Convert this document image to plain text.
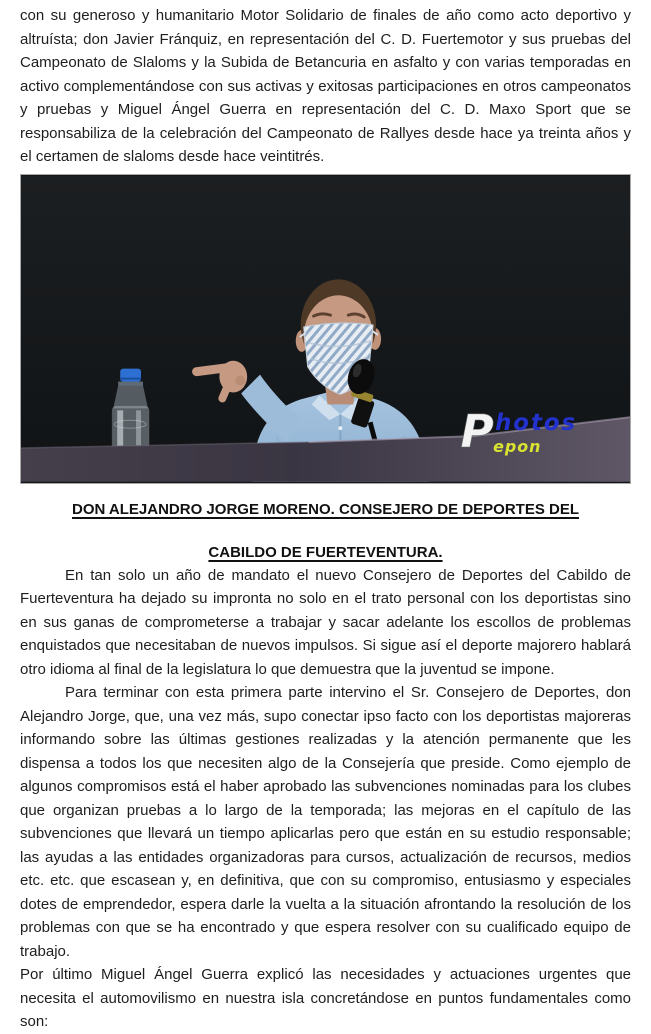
con su generoso y humanitario Motor Solidario de finales de año como acto deportivo y altruísta; don Javier Fránquiz, en representación del C. D. Fuertemotor y sus pruebas del Campeonato de Slaloms y la Subida de Betancuria en asfalto y con varias temporadas en activo complementándose con sus activas y exitosas participaciones en otros campeonatos y pruebas y Miguel Ángel Guerra en representación del C. D. Maxo Sport que se responsabiliza de la celebración del Campeonato de Rallyes desde hace ya treinta años y el certamen de slaloms desde hace veintitrés.

P hotos
epon

DON ALEJANDRO JORGE MORENO. CONSEJERO DE DEPORTES DEL

CABILDO DE FUERTEVENTURA.

En tan solo un año de mandato el nuevo Consejero de Deportes del Cabildo de Fuerteventura ha dejado su impronta no solo en el trato personal con los deportistas sino en sus ganas de comprometerse a trabajar y sacar adelante los escollos de problemas enquistados que necesitaban de nuevos impulsos. Si sigue así el deporte majorero hablará otro idioma al final de la legislatura lo que demuestra que la juventud se impone.

Para terminar con esta primera parte intervino el Sr. Consejero de Deportes, don Alejandro Jorge, que, una vez más, supo conectar ipso facto con los deportistas majoreras informando sobre las últimas gestiones realizadas y la atención permanente que les dispensa a todos los que necesiten algo de la Consejería que preside. Como ejemplo de algunos compromisos está el haber aprobado las subvenciones nominadas para los clubes que organizan pruebas a lo largo de la temporada; las mejoras en el capítulo de las subvenciones que llevará un tiempo aplicarlas pero que están en su estudio responsable; las ayudas a las entidades organizadoras para cursos, actualización de recursos, medios etc. etc. que escasean y, en definitiva, que con su compromiso, entusiasmo y especiales dotes de emprendedor, espera darle la vuelta a la situación afrontando la resolución de los problemas con que se ha encontrado y que espera resolver con su cualificado equipo de trabajo.

Por último Miguel Ángel Guerra explicó las necesidades y actuaciones urgentes que necesita el automovilismo en nuestra isla concretándose en puntos fundamentales como son:
